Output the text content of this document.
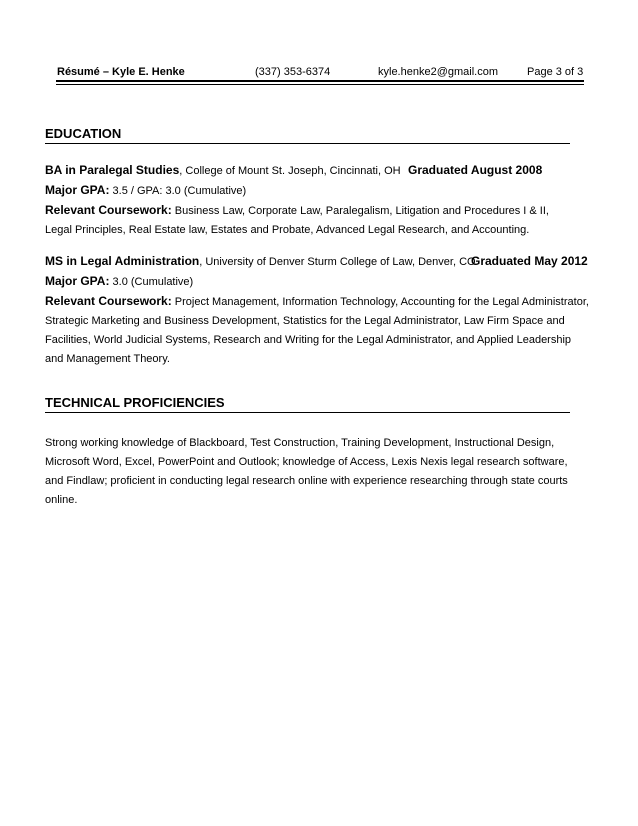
Résumé – Kyle E. Henke	(337) 353-6374	kyle.henke2@gmail.com	Page 3 of 3
EDUCATION
BA in Paralegal Studies, College of Mount St. Joseph, Cincinnati, OH Graduated August 2008
Major GPA: 3.5 / GPA: 3.0 (Cumulative)
Relevant Coursework: Business Law, Corporate Law, Paralegalism, Litigation and Procedures I & II, Legal Principles, Real Estate law, Estates and Probate, Advanced Legal Research, and Accounting.
MS in Legal Administration, University of Denver Sturm College of Law, Denver, CO
Graduated May 2012
Major GPA: 3.0 (Cumulative)
Relevant Coursework: Project Management, Information Technology, Accounting for the Legal Administrator, Strategic Marketing and Business Development, Statistics for the Legal Administrator, Law Firm Space and Facilities, World Judicial Systems, Research and Writing for the Legal Administrator, and Applied Leadership and Management Theory.
TECHNICAL PROFICIENCIES
Strong working knowledge of Blackboard, Test Construction, Training Development, Instructional Design, Microsoft Word, Excel, PowerPoint and Outlook; knowledge of Access, Lexis Nexis legal research software, and Findlaw; proficient in conducting legal research online with experience researching through state courts online.
